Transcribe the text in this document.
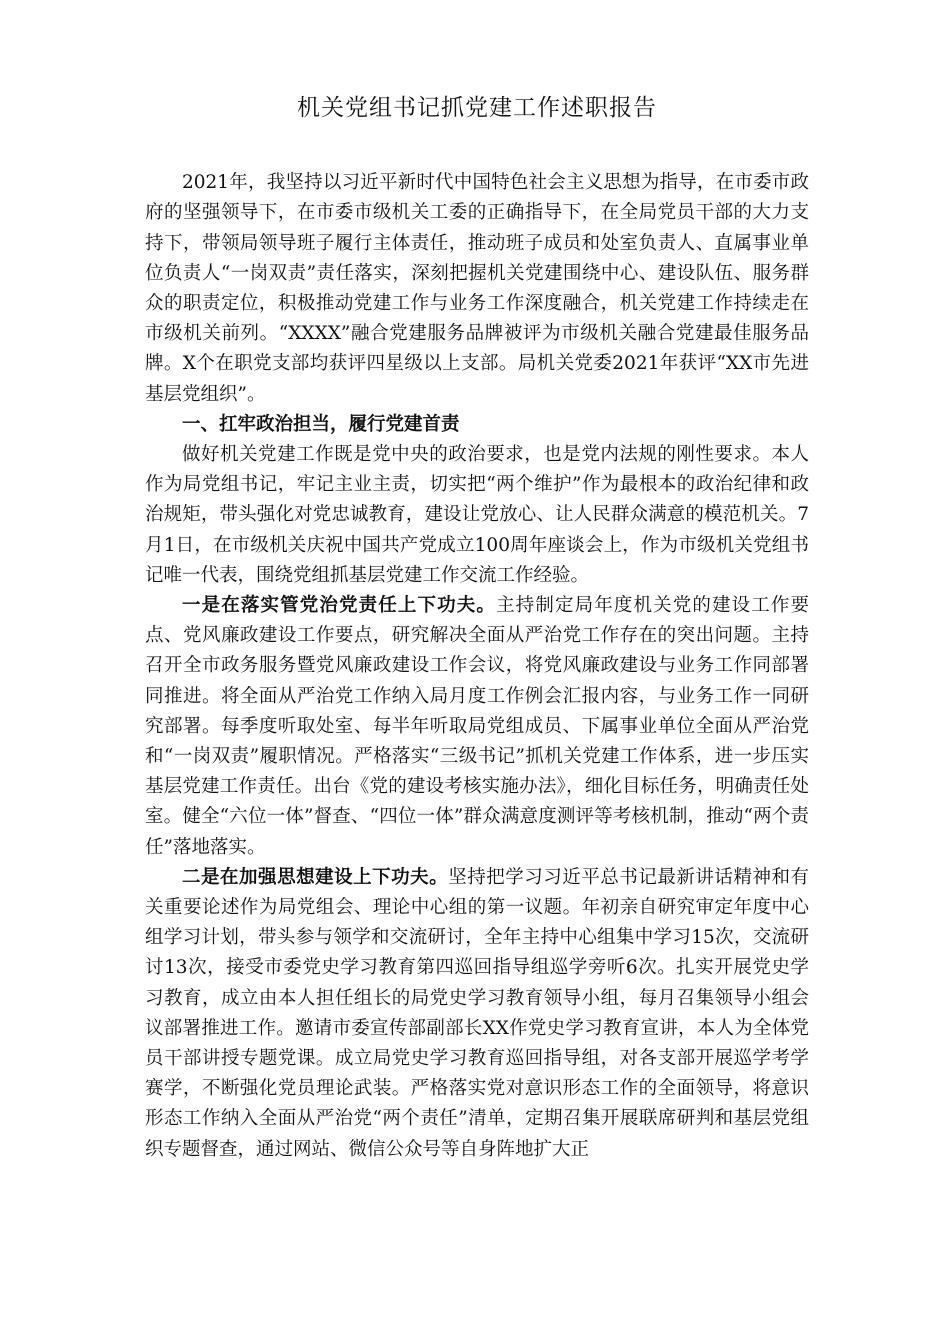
机关党组书记抓党建工作述职报告

2021年，我坚持以习近平新时代中国特色社会主义思想为指导，在市委市政府的坚强领导下，在市委市级机关工委的正确指导下，在全局党员干部的大力支持下，带领局领导班子履行主体责任，推动班子成员和处室负责人、直属事业单位负责人“一岗双责”责任落实，深刻把握机关党建围绕中心、建设队伍、服务群众的职责定位，积极推动党建工作与业务工作深度融合，机关党建工作持续走在市级机关前列。“XXXX”融合党建服务品牌被评为市级机关融合党建最佳服务品牌。X个在职党支部均获评四星级以上支部。局机关党委2021年获评“XX市先进基层党组织”。

一、扛牢政治担当，履行党建首责

做好机关党建工作既是党中央的政治要求，也是党内法规的刚性要求。本人作为局党组书记，牢记主业主责，切实把“两个维护”作为最根本的政治纪律和政治规矩，带头强化对党忠诚教育，建设让党放心、让人民群众满意的模范机关。7月1日，在市级机关庆祝中国共产党成立100周年座谈会上，作为市级机关党组书记唯一代表，围绕党组抓基层党建工作交流工作经验。

一是在落实管党治党责任上下功夫。主持制定局年度机关党的建设工作要点、党风廉政建设工作要点，研究解决全面从严治党工作存在的突出问题。主持召开全市政务服务暨党风廉政建设工作会议，将党风廉政建设与业务工作同部署同推进。将全面从严治党工作纳入局月度工作例会汇报内容，与业务工作一同研究部署。每季度听取处室、每半年听取局党组成员、下属事业单位全面从严治党和“一岗双责”履职情况。严格落实“三级书记”抓机关党建工作体系，进一步压实基层党建工作责任。出台《党的建设考核实施办法》，细化目标任务，明确责任处室。健全“六位一体”督查、“四位一体”群众满意度测评等考核机制，推动“两个责任”落地落实。

二是在加强思想建设上下功夫。坚持把学习习近平总书记最新讲话精神和有关重要论述作为局党组会、理论中心组的第一议题。年初亲自研究审定年度中心组学习计划，带头参与领学和交流研讨，全年主持中心组集中学习15次，交流研讨13次，接受市委党史学习教育第四巡回指导组巡学旁听6次。扎实开展党史学习教育，成立由本人担任组长的局党史学习教育领导小组，每月召集领导小组会议部署推进工作。邀请市委宣传部副部长XX作党史学习教育宣讲，本人为全体党员干部讲授专题党课。成立局党史学习教育巡回指导组，对各支部开展巡学考学赛学，不断强化党员理论武装。严格落实党对意识形态工作的全面领导，将意识形态工作纳入全面从严治党“两个责任”清单，定期召集开展联席研判和基层党组织专题督查，通过网站、微信公众号等自身阵地扩大正
